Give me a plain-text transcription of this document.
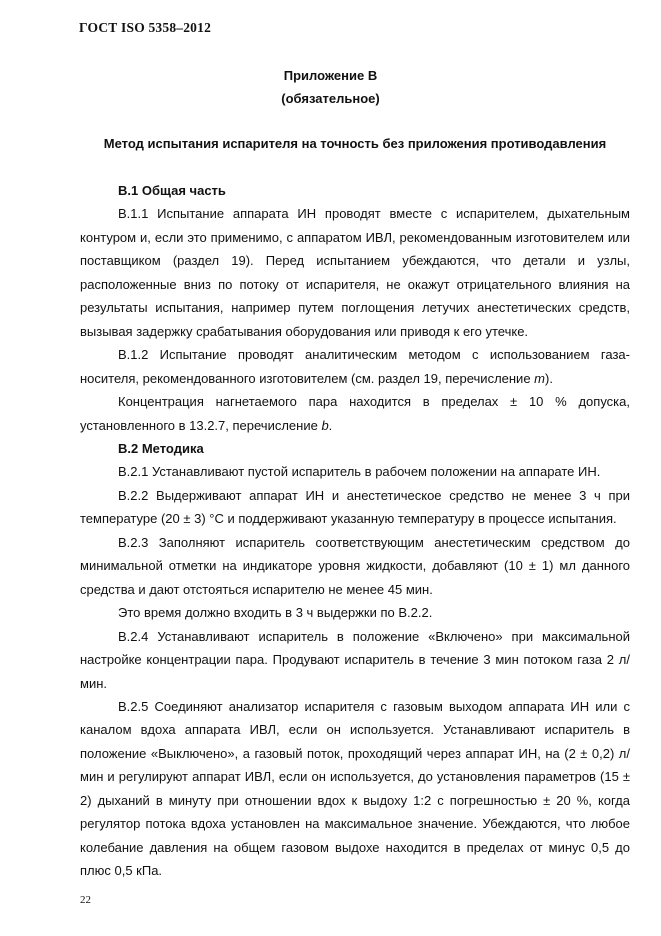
ГОСТ ISO 5358–2012
Приложение В
(обязательное)
Метод испытания испарителя на точность без приложения противодавления

В.1 Общая часть

В.1.1 Испытание аппарата ИН проводят вместе с испарителем, дыхательным контуром и, если это применимо, с аппаратом ИВЛ, рекомендованным изготовителем или поставщиком (раздел 19). Перед испытанием убеждаются, что детали и узлы, расположенные вниз по потоку от испарителя, не окажут отрицательного влияния на результаты испытания, например путем поглощения летучих анестетических средств, вызывая задержку срабатывания оборудования или приводя к его утечке.

В.1.2 Испытание проводят аналитическим методом с использованием газа-носителя, рекомендованного изготовителем (см. раздел 19, перечисление m).

Концентрация нагнетаемого пара находится в пределах ± 10 % допуска, установленного в 13.2.7, перечисление b.

В.2 Методика

В.2.1 Устанавливают пустой испаритель в рабочем положении на аппарате ИН.

В.2.2 Выдерживают аппарат ИН и анестетическое средство не менее 3 ч при температуре (20 ± 3) °С и поддерживают указанную температуру в процессе испытания.

В.2.3 Заполняют испаритель соответствующим анестетическим средством до минимальной отметки на индикаторе уровня жидкости, добавляют (10 ± 1) мл данного средства и дают отстояться испарителю не менее 45 мин.

Это время должно входить в 3 ч выдержки по В.2.2.

В.2.4 Устанавливают испаритель в положение «Включено» при максимальной настройке концентрации пара. Продувают испаритель в течение 3 мин потоком газа 2 л/мин.

В.2.5 Соединяют анализатор испарителя с газовым выходом аппарата ИН или с каналом вдоха аппарата ИВЛ, если он используется. Устанавливают испаритель в положение «Выключено», а газовый поток, проходящий через аппарат ИН, на (2 ± 0,2) л/мин и регулируют аппарат ИВЛ, если он используется, до установления параметров (15 ± 2) дыханий в минуту при отношении вдох к выдоху 1:2 с погрешностью ± 20 %, когда регулятор потока вдоха установлен на максимальное значение. Убеждаются, что любое колебание давления на общем газовом выдохе находится в пределах от минус 0,5 до плюс 0,5 кПа.

22
